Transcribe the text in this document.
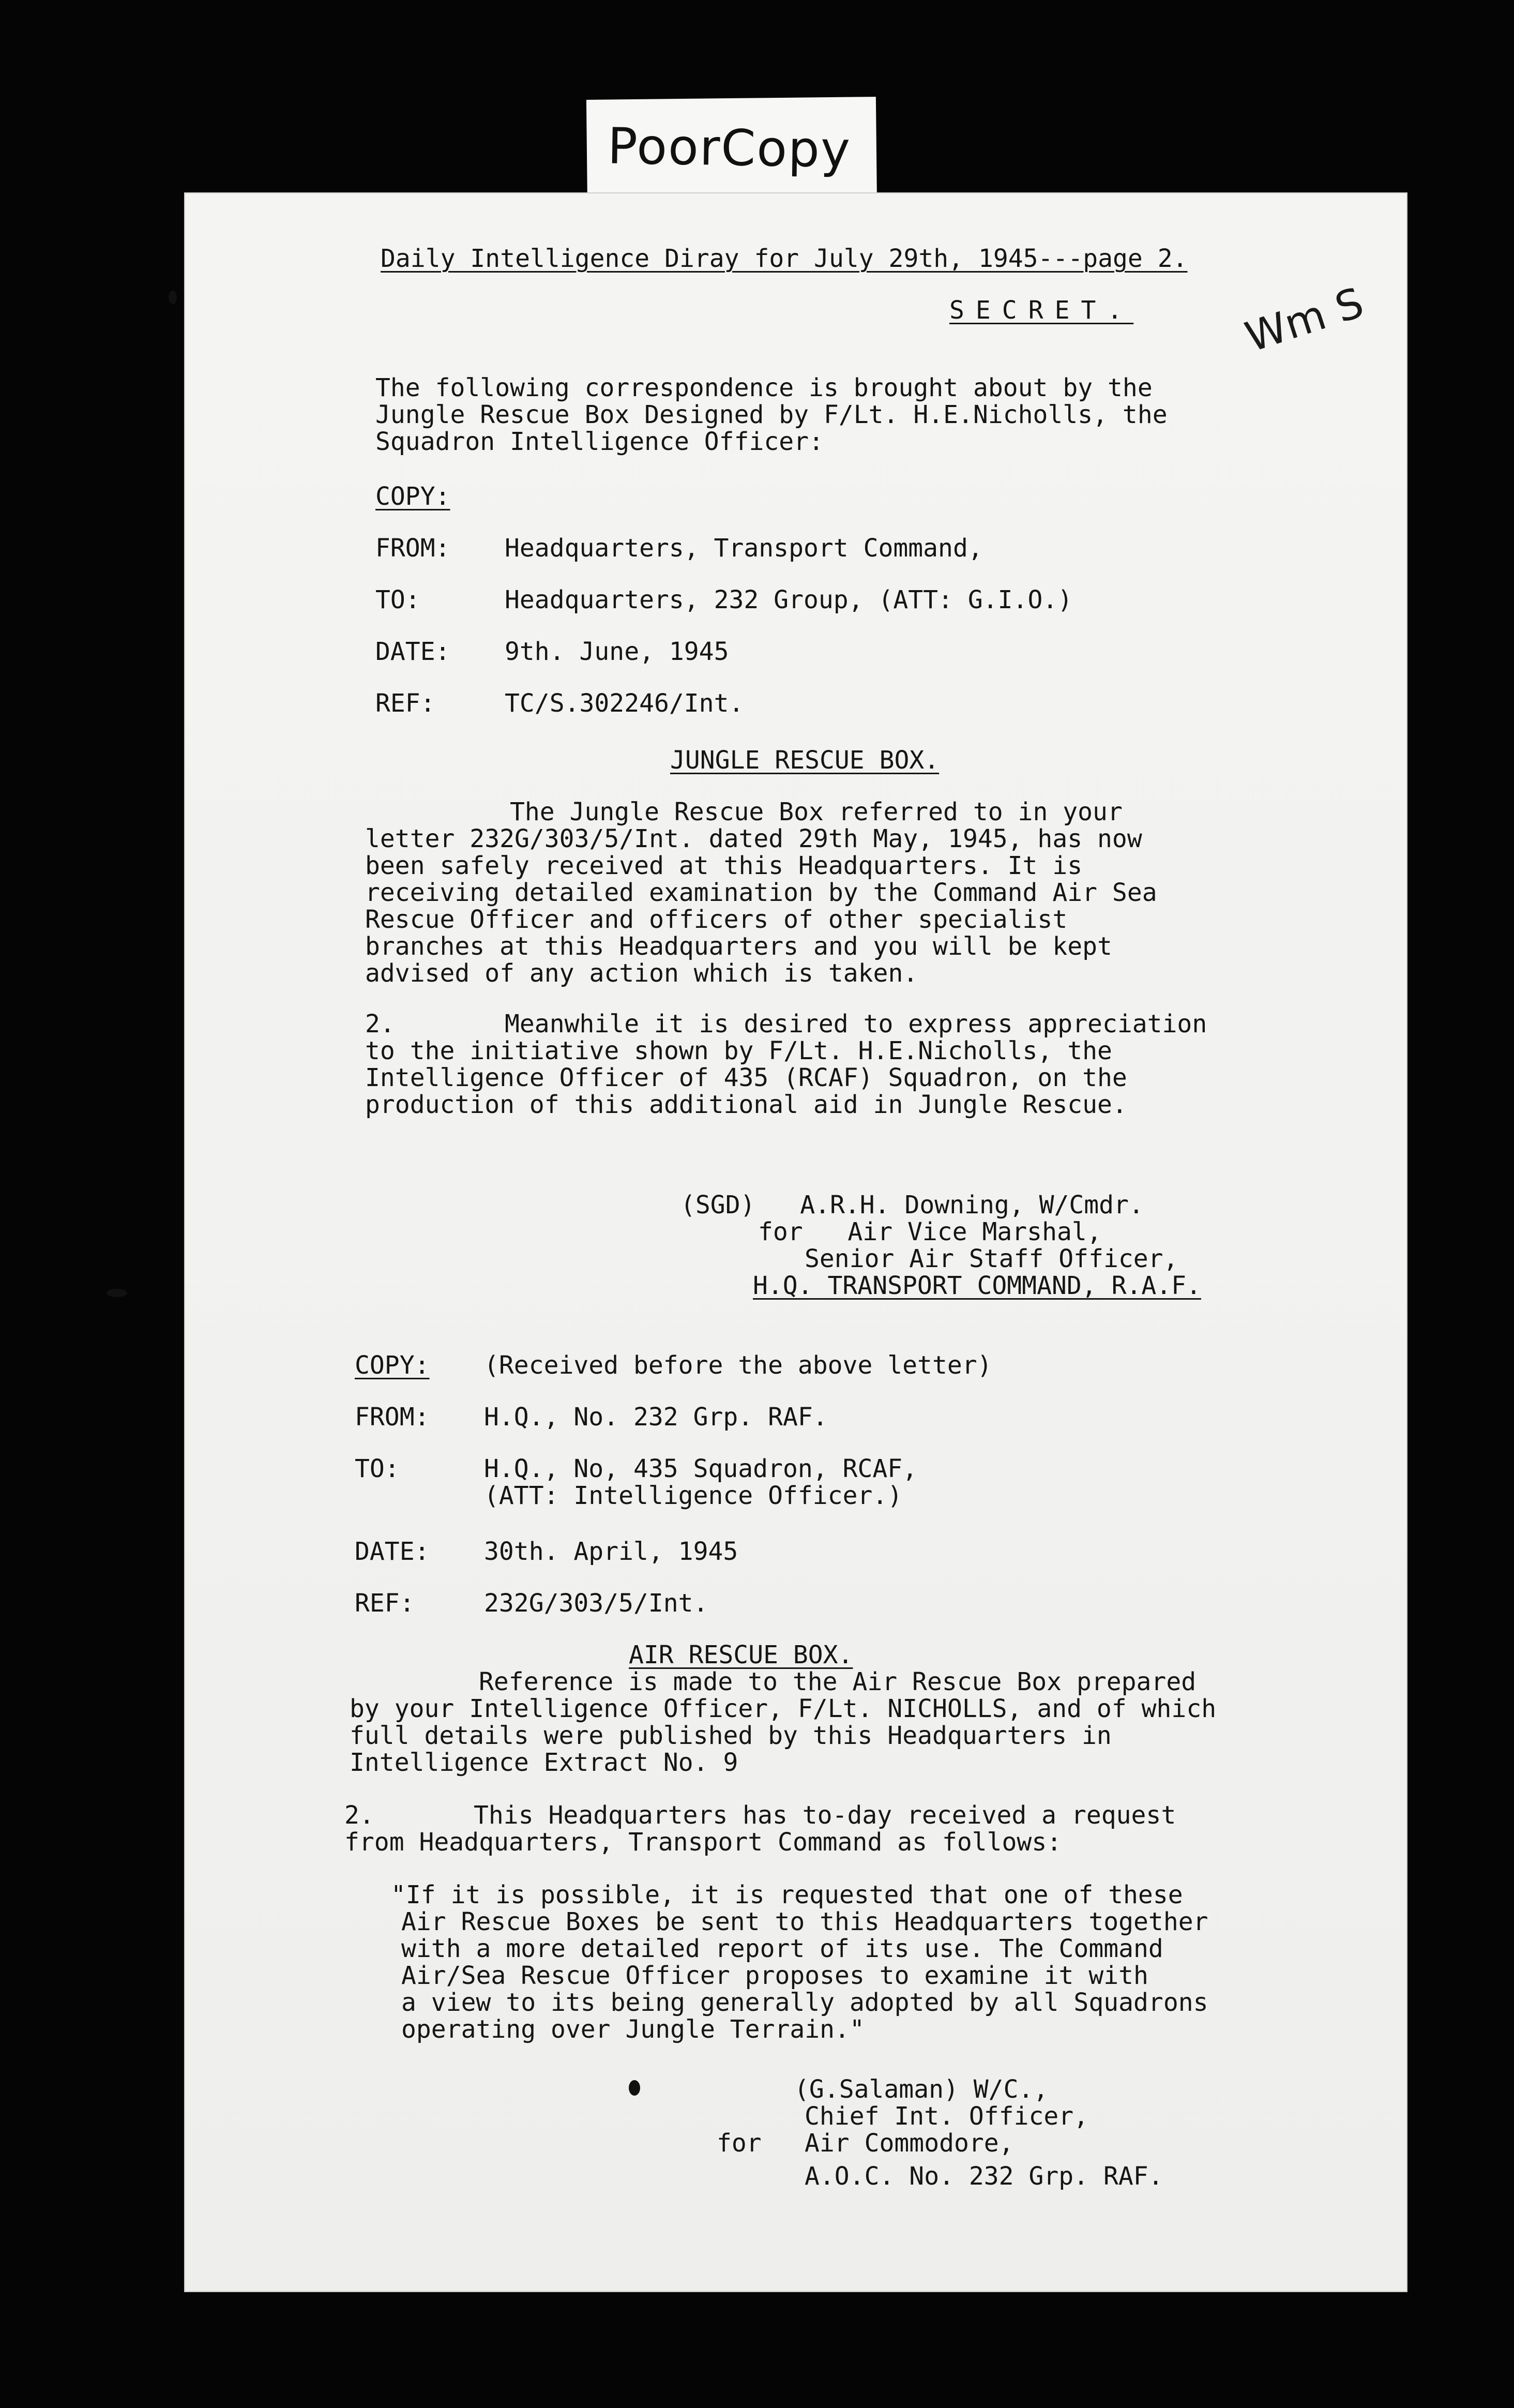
PoorCopy
Daily Intelligence Diray for July 29th, 1945---page 2.
SECRET.	Wm S
The following correspondence is brought about by the
Jungle Rescue Box Designed by F/Lt. H.E.Nicholls, the
Squadron Intelligence Officer:
COPY:
FROM: Headquarters, Transport Command,
TO:	Headquarters, 232 Group, (ATT: G.I.O.)
DATE: 9th. June, 1945
REF:	TC/S.302246/Int.
JUNGLE RESCUE BOX.
The Jungle Rescue Box referred to in your
letter 232G/303/5/Int. dated 29th May, 1945, has now
been safely received at this Headquarters. It is
receiving detailed examination by the Command Air Sea
Rescue Officer and officers of other specialist
branches at this Headquarters and you will be kept
advised of any action which is taken.
2.	Meanwhile it is desired to express appreciation
to the initiative shown by F/Lt. H.E.Nicholls, the
Intelligence Officer of 435 (RCAF) Squadron, on the
production of this additional aid in Jungle Rescue.
(SGD)   A.R.H. Downing, W/Cmdr.
for   Air Vice Marshal,
Senior Air Staff Officer,
H.Q. TRANSPORT COMMAND, R.A.F.
COPY: (Received before the above letter)
FROM: H.Q., No. 232 Grp. RAF.
TO:	H.Q., No, 435 Squadron, RCAF,
(ATT: Intelligence Officer.)
DATE: 30th. April, 1945
REF:	232G/303/5/Int.
AIR RESCUE BOX.
Reference is made to the Air Rescue Box prepared
by your Intelligence Officer, F/Lt. NICHOLLS, and of which
full details were published by this Headquarters in
Intelligence Extract No. 9
2.	This Headquarters has to-day received a request
from Headquarters, Transport Command as follows:
"If it is possible, it is requested that one of these
Air Rescue Boxes be sent to this Headquarters together
with a more detailed report of its use. The Command
Air/Sea Rescue Officer proposes to examine it with
a view to its being generally adopted by all Squadrons
operating over Jungle Terrain."
(G.Salaman) W/C.,
Chief Int. Officer,
for Air Commodore,
A.O.C. No. 232 Grp. RAF.
